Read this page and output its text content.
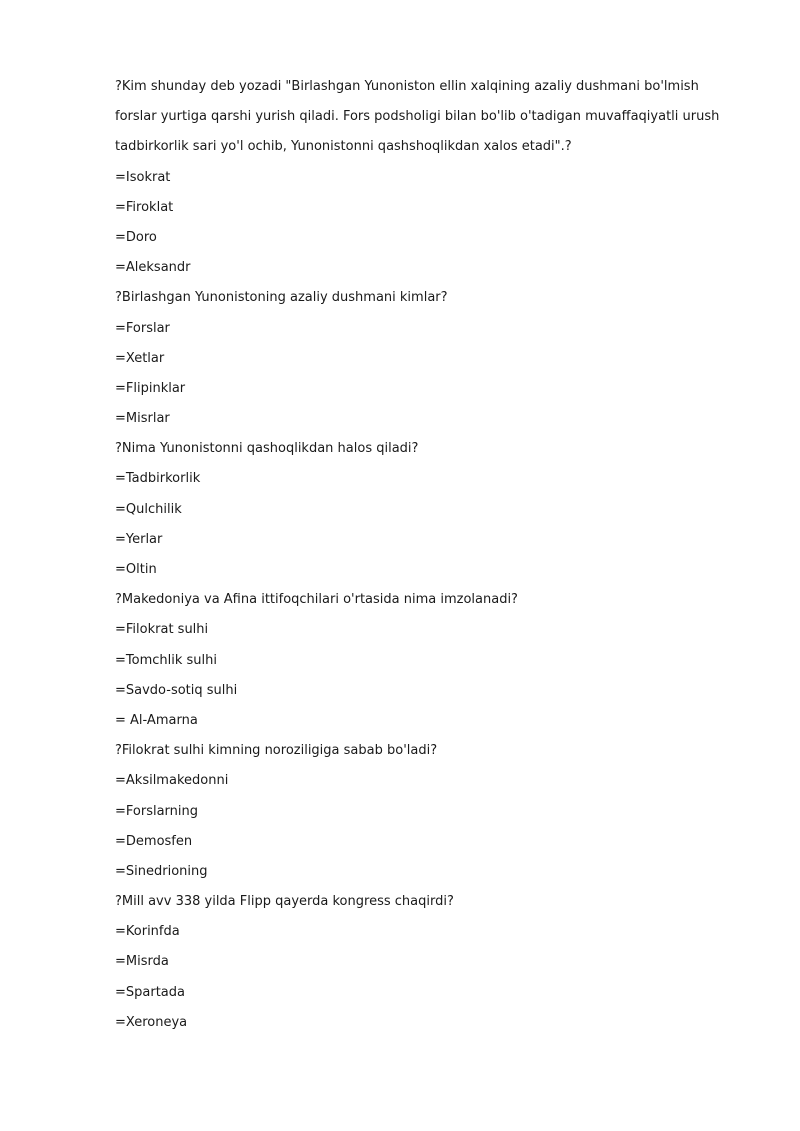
?Kim shunday deb yozadi "Birlashgan Yunoniston ellin xalqining azaliy dushmani bo'lmish
forslar yurtiga qarshi yurish qiladi. Fors podsholigi bilan bo'lib o'tadigan muvaffaqiyatli urush
tadbirkorlik sari yo'l ochib, Yunonistonni qashshoqlikdan xalos etadi".?
=Isokrat
=Firoklat
=Doro
=Aleksandr
?Birlashgan Yunonistoning azaliy dushmani kimlar?
=Forslar
=Xetlar
=Flipinklar
=Misrlar
?Nima Yunonistonni qashoqlikdan halos qiladi?
=Tadbirkorlik
=Qulchilik
=Yerlar
=Oltin
?Makedoniya va Afina ittifoqchilari o'rtasida nima imzolanadi?
=Filokrat sulhi
=Tomchlik sulhi
=Savdo-sotiq sulhi
= Al-Amarna
?Filokrat sulhi kimning noroziligiga sabab bo'ladi?
=Aksilmakedonni
=Forslarning
=Demosfen
=Sinedrioning
?Mill avv 338 yilda Flipp qayerda kongress chaqirdi?
=Korinfda
=Misrda
=Spartada
=Xeroneya
